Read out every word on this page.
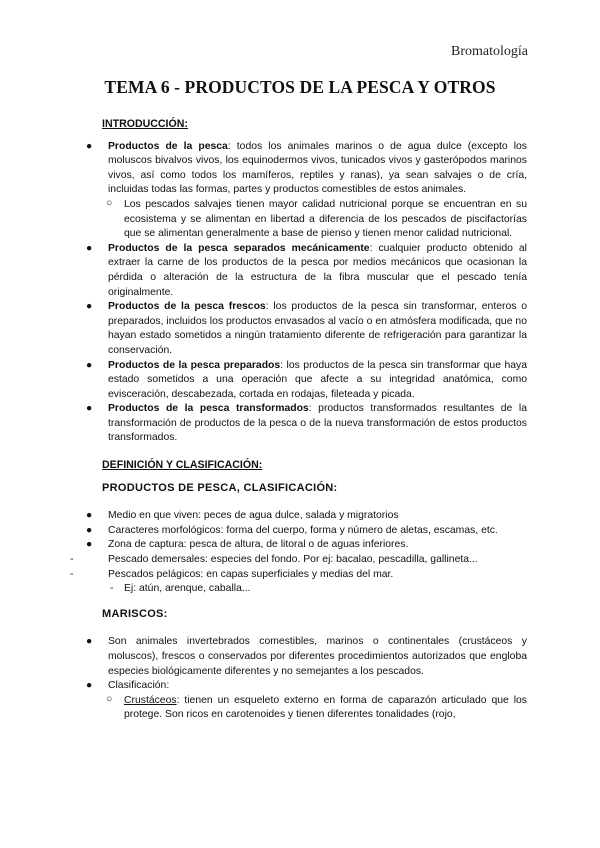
Bromatología
TEMA 6 - PRODUCTOS DE LA PESCA Y OTROS
INTRODUCCIÓN:
● Productos de la pesca: todos los animales marinos o de agua dulce (excepto los moluscos bivalvos vivos, los equinodermos vivos, tunicados vivos y gasterópodos marinos vivos, así como todos los mamíferos, reptiles y ranas), ya sean salvajes o de cría, incluidas todas las formas, partes y productos comestibles de estos animales.
○ Los pescados salvajes tienen mayor calidad nutricional porque se encuentran en su ecosistema y se alimentan en libertad a diferencia de los pescados de piscifactorías que se alimentan generalmente a base de pienso y tienen menor calidad nutricional.
● Productos de la pesca separados mecánicamente: cualquier producto obtenido al extraer la carne de los productos de la pesca por medios mecánicos que ocasionan la pérdida o alteración de la estructura de la fibra muscular que el pescado tenía originalmente.
● Productos de la pesca frescos: los productos de la pesca sin transformar, enteros o preparados, incluidos los productos envasados al vacío o en atmósfera modificada, que no hayan estado sometidos a ningún tratamiento diferente de refrigeración para garantizar la conservación.
● Productos de la pesca preparados: los productos de la pesca sin transformar que haya estado sometidos a una operación que afecte a su integridad anatómica, como evisceración, descabezada, cortada en rodajas, fileteada y picada.
● Productos de la pesca transformados: productos transformados resultantes de la transformación de productos de la pesca o de la nueva transformación de estos productos transformados.
DEFINICIÓN Y CLASIFICACIÓN:
PRODUCTOS DE PESCA, CLASIFICACIÓN:
● Medio en que viven: peces de agua dulce, salada y migratorios
● Caracteres morfológicos: forma del cuerpo, forma y número de aletas, escamas, etc.
● Zona de captura: pesca de altura, de litoral o de aguas inferiores.
-	Pescado demersales: especies del fondo. Por ej: bacalao, pescadilla, gallineta...
-	Pescados pelágicos: en capas superficiales y medias del mar.
- Ej: atún, arenque, caballa...
MARISCOS:
● Son animales invertebrados comestibles, marinos o continentales (crustáceos y moluscos), frescos o conservados por diferentes procedimientos autorizados que engloba especies biológicamente diferentes y no semejantes a los pescados.
● Clasificación:
○ Crustáceos: tienen un esqueleto externo en forma de caparazón articulado que los protege. Son ricos en carotenoides y tienen diferentes tonalidades (rojo,
